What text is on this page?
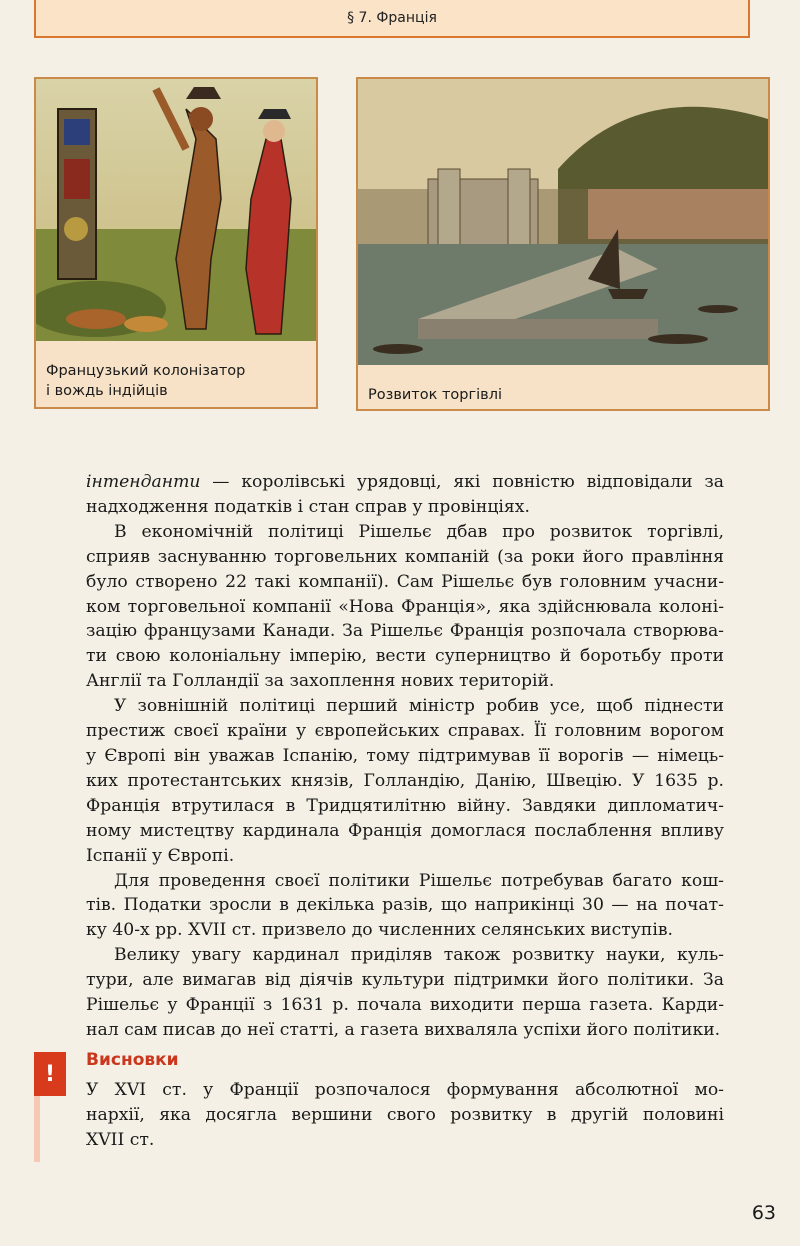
§ 7. Франція
Французький колонізатор
і вождь індійців	Розвиток торгівлі
інтенданти — королівські урядовці, які повністю відповідали за
надходження податків і стан справ у провінціях.
В економічній політиці Рішельє дбав про розвиток торгівлі,
сприяв заснуванню торговельних компаній (за роки його правління
було створено 22 такі компанії). Сам Рішельє був головним учасни-
ком торговельної компанії «Нова Франція», яка здійснювала колоні-
зацію французами Канади. За Рішельє Франція розпочала створюва-
ти свою колоніальну імперію, вести суперництво й боротьбу проти
Англії та Голландії за захоплення нових територій.
У зовнішній політиці перший міністр робив усе, щоб піднести
престиж своєї країни у європейських справах. Її головним ворогом
у Європі він уважав Іспанію, тому підтримував її ворогів — німець-
ких протестантських князів, Голландію, Данію, Швецію. У 1635 р.
Франція втрутилася в Тридцятилітню війну. Завдяки дипломатич-
ному мистецтву кардинала Франція домоглася послаблення впливу
Іспанії у Європі.
Для проведення своєї політики Рішельє потребував багато кош-
тів. Податки зросли в декілька разів, що наприкінці 30 — на почат-
ку 40-х рр. XVII ст. призвело до численних селянських виступів.
Велику увагу кардинал приділяв також розвитку науки, куль-
тури, але вимагав від діячів культури підтримки його політики. За
Рішельє у Франції з 1631 р. почала виходити перша газета. Карди-
нал сам писав до неї статті, а газета вихваляла успіхи його політики.
!
Висновки
У XVI ст. у Франції розпочалося формування абсолютної мо-
нархії, яка досягла вершини свого розвитку в другій половині
XVII ст.
63
